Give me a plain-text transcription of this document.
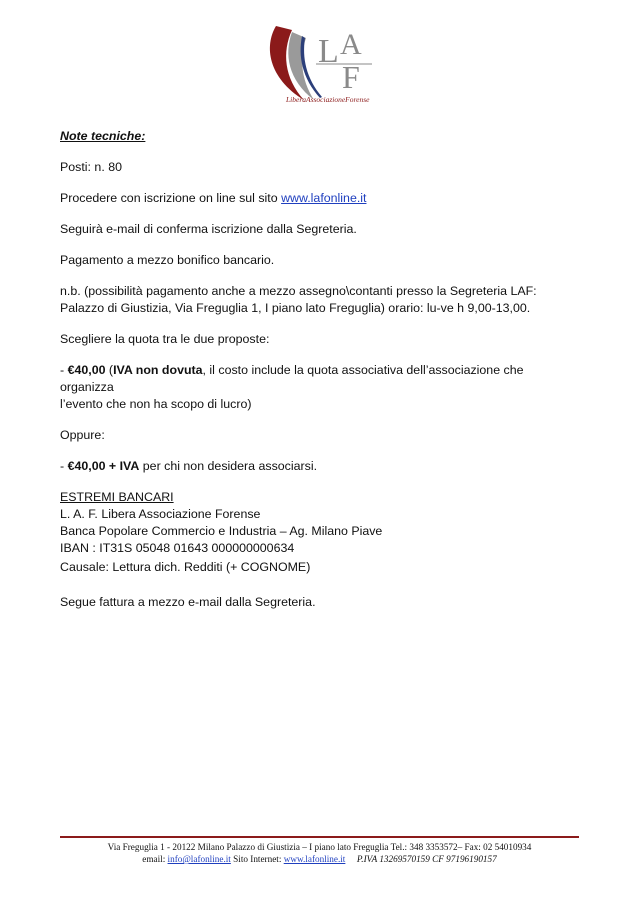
L A
F
LiberaAssociazioneForense

Note tecniche:

Posti: n. 80

Procedere con iscrizione on line sul sito www.lafonline.it

Seguirà e-mail di conferma iscrizione dalla Segreteria.

Pagamento a mezzo bonifico bancario.

n.b. (possibilità pagamento anche a mezzo assegno\contanti presso la Segreteria LAF:

Palazzo di Giustizia, Via Freguglia 1, I piano lato Freguglia) orario: lu-ve h 9,00-13,00.

Scegliere la quota tra le due proposte:

- €40,00 (IVA non dovuta, il costo include la quota associativa dell’associazione che organizza

l’evento che non ha scopo di lucro)

Oppure:

- €40,00 + IVA per chi non desidera associarsi.

ESTREMI BANCARI

L. A. F. Libera Associazione Forense

Banca Popolare Commercio e Industria – Ag. Milano Piave

IBAN : IT31S 05048 01643 000000000634

Causale: Lettura dich. Redditi (+ COGNOME)

Segue fattura a mezzo e-mail dalla Segreteria.

Via Freguglia 1 - 20122 Milano Palazzo di Giustizia – I piano lato Freguglia Tel.: 348 3353572– Fax: 02 54010934
email: info@lafonline.it Sito Internet: www.lafonline.it     P.IVA 13269570159 CF 97196190157
